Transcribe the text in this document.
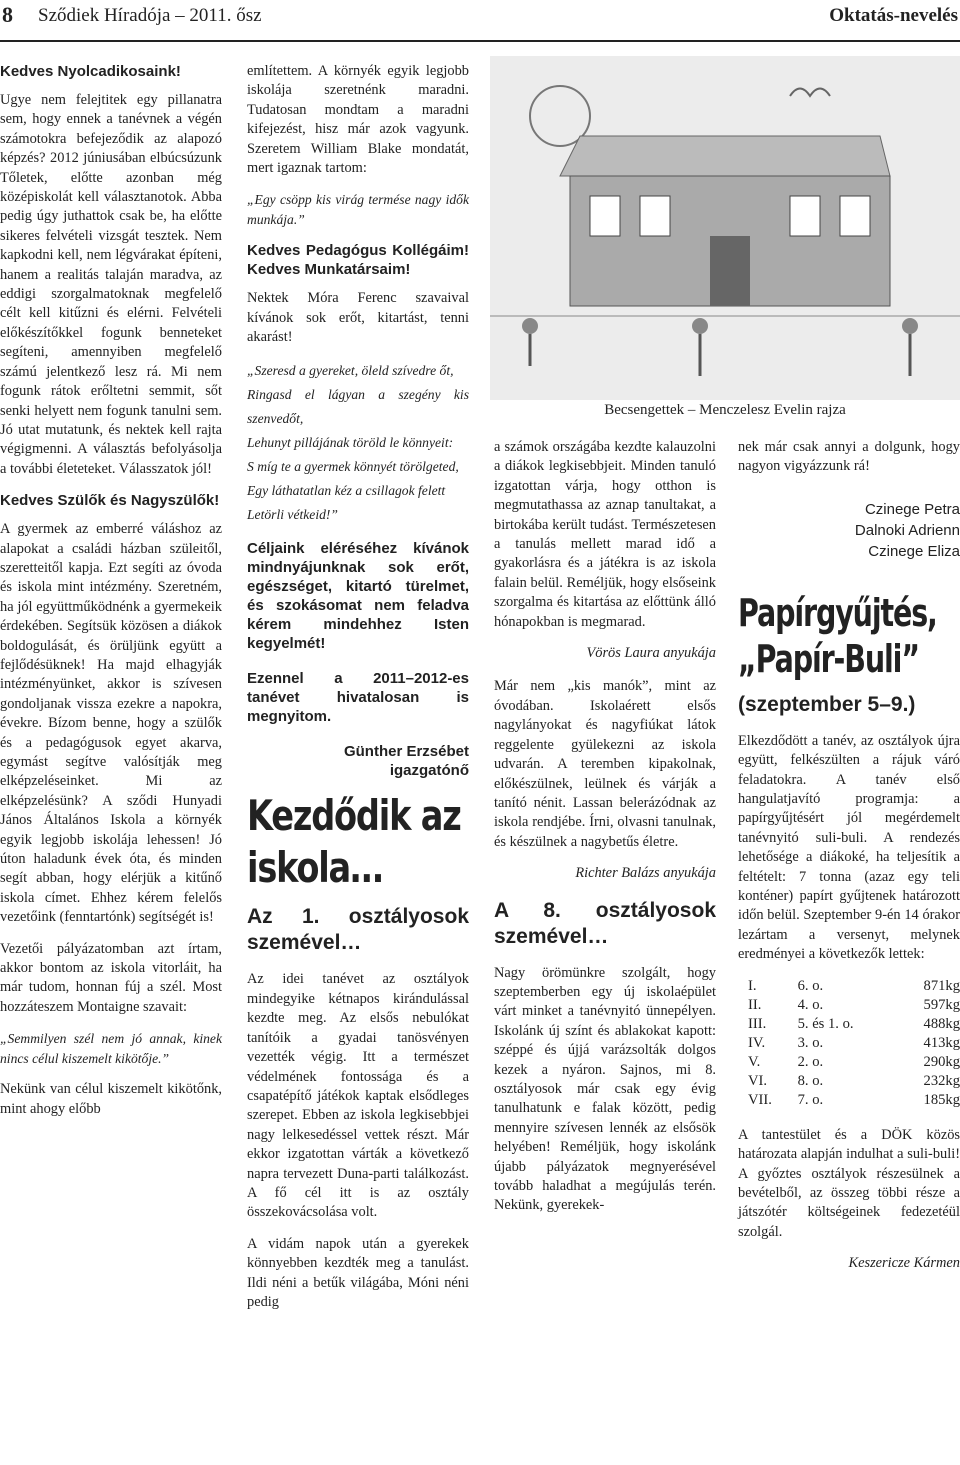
8 Sződiek Híradója – 2011. ősz	Oktatás-nevelés
Kedves Nyolcadikosaink!

Ugye nem felejtitek egy pillanatra sem, hogy ennek a tanévnek a végén számotokra befejeződik az alapozó képzés? 2012 júniusában elbúcsúzunk Tőletek, előtte azonban még középiskolát kell választanotok. Abba pedig úgy juthattok csak be, ha előtte sikeres felvételi vizsgát tesztek. Nem kapkodni kell, nem légvárakat építeni, hanem a realitás talaján maradva, az eddigi szorgalmatoknak megfelelő célt kell kitűzni és elérni. Felvételi előkészítőkkel fogunk benneteket segíteni, amennyiben megfelelő számú jelentkező lesz rá. Mi nem fogunk rátok erőltetni semmit, sőt senki helyett nem fogunk tanulni sem. Jó utat mutatunk, és nektek kell rajta végigmenni. A választás befolyásolja a további életeteket. Válasszatok jól!

Kedves Szülők és Nagyszülők!

A gyermek az emberré váláshoz az alapokat a családi házban szüleitől, szeretteitől kapja. Ezt segíti az óvoda és iskola mint intézmény. Szeretném, ha jól együttműködnénk a gyermekeik érdekében. Segítsük közösen a diákok boldogulását, és örüljünk együtt a fejlődésüknek! Ha majd elhagyják intézményünket, akkor is szívesen gondoljanak vissza ezekre a napokra, évekre. Bízom benne, hogy a szülők és a pedagógusok egyet akarva, egymást segítve valósítják meg elképzeléseinket. Mi az elképzelésünk? A sződi Hunyadi János Általános Iskola a környék egyik legjobb iskolája lehessen! Jó úton haladunk évek óta, és minden segít abban, hogy elérjük a kitűnő iskola címet. Ehhez kérem felelős vezetőink (fenntartónk) segítségét is!

Vezetői pályázatomban azt írtam, akkor bontom az iskola vitorláit, ha már tudom, honnan fúj a szél. Most hozzáteszem Montaigne szavait:

„Semmilyen szél nem jó annak, kinek nincs célul kiszemelt kikötője.”

Nekünk van célul kiszemelt kikötőnk, mint ahogy előbb

említettem. A környék egyik legjobb iskolája szeretnénk maradni. Tudatosan mondtam a maradni kifejezést, hisz már azok vagyunk. Szeretem William Blake mondatát, mert igaznak tartom:

„Egy csöpp kis virág termése nagy idők munkája.”

Kedves Pedagógus Kollégáim! Kedves Munkatársaim!

Nektek Móra Ferenc szavaival kívánok sok erőt, kitartást, tenni akarást!

„Szeresd a gyereket, öleld szívedre őt,
Ringasd el lágyan a szegény kis szenvedőt,
Lehunyt pillájának töröld le könnyeit:
S míg te a gyermek könnyét törölgeted,
Egy láthatatlan kéz a csillagok felett
Letörli vétkeid!”

Céljaink eléréséhez kívánok mindnyájunknak sok erőt, egészséget, kitartó türelmet, és szokásomat nem feladva kérem mindehhez Isten kegyelmét!

Ezennel a 2011–2012-es tanévet hivatalosan is megnyitom.

Günther Erzsébet
igazgatónő
Kezdődik az
iskola…
Az 1. osztályosok szemével…

Az idei tanévet az osztályok mindegyike kétnapos kirándulással kezdte meg. Az elsős nebulókat tanítóik a gyadai tanösvényen vezették végig. Itt a természet védelmének fontossága és a csapatépítő játékok kaptak elsődleges szerepet. Ebben az iskola legkisebbjei nagy lelkesedéssel vettek részt. Már ekkor izgatottan várták a következő napra tervezett Duna-parti találkozást. A fő cél itt is az osztály összekovácsolása volt.

A vidám napok után a gyerekek könnyebben kezdték meg a tanulást. Ildi néni a betűk világába, Móni néni pedig

Becsengettek – Menczelesz Evelin rajza

a számok országába kezdte kalauzolni a diákok legkisebbjeit. Minden tanuló izgatottan várja, hogy otthon is megmutathassa az aznap tanultakat, a birtokába került tudást. Természetesen a tanulás mellett marad idő a gyakorlásra és a játékra is az iskola falain belül. Reméljük, hogy elsőseink szorgalma és kitartása az előttünk álló hónapokban is megmarad.

Vörös Laura anyukája

Már nem „kis manók”, mint az óvodában. Iskolaérett elsős nagylányokat és nagyfiúkat látok reggelente gyülekezni az iskola udvarán. A teremben kipakolnak, előkészülnek, leülnek és várják a tanító nénit. Lassan belerázódnak az iskola rendjébe. Írni, olvasni tanulnak, és készülnek a nagybetűs életre.

Richter Balázs anyukája
A 8. osztályosok szemével…

Nagy örömünkre szolgált, hogy szeptemberben egy új iskolaépület várt minket a tanévnyitó ünnepélyen. Iskolánk új színt és ablakokat kapott: széppé és újjá varázsolták dolgos kezek a nyáron. Sajnos, mi 8. osztályosok már csak egy évig tanulhatunk e falak között, pedig mennyire szívesen lennék az elsősök helyében! Reméljük, hogy iskolánk újabb pályázatok megnyerésével tovább haladhat a megújulás terén. Nekünk, gyerekek-

nek már csak annyi a dolgunk, hogy nagyon vigyázzunk rá!

Czinege Petra
Dalnoki Adrienn
Czinege Eliza
Papírgyűjtés,
„Papír-Buli”
(szeptember 5–9.)

Elkezdődött a tanév, az osztályok újra együtt, felkészülten a rájuk váró feladatokra. A tanév első hangulatjavító programja: a papírgyűjtésért jól megérdemelt tanévnyitó suli-buli. A rendezés lehetősége a diákoké, ha teljesítik a feltételt: 7 tonna (azaz egy teli konténer) papírt gyűjtenek határozott időn belül. Szeptember 9-én 14 órakor lezártam a versenyt, melynek eredményei a következők lettek:

I.	6. o.	871kg
II.	4. o.	597kg
III.	5. és 1. o.	488kg
IV.	3. o.	413kg
V.	2. o.	290kg
VI.	8. o.	232kg
VII.	7. o.	185kg

A tantestület és a DÖK közös határozata alapján indulhat a suli-buli! A győztes osztályok részesülnek a bevételből, az összeg többi része a játszótér költségeinek fedezetéül szolgál.

Keszericze Kármen
